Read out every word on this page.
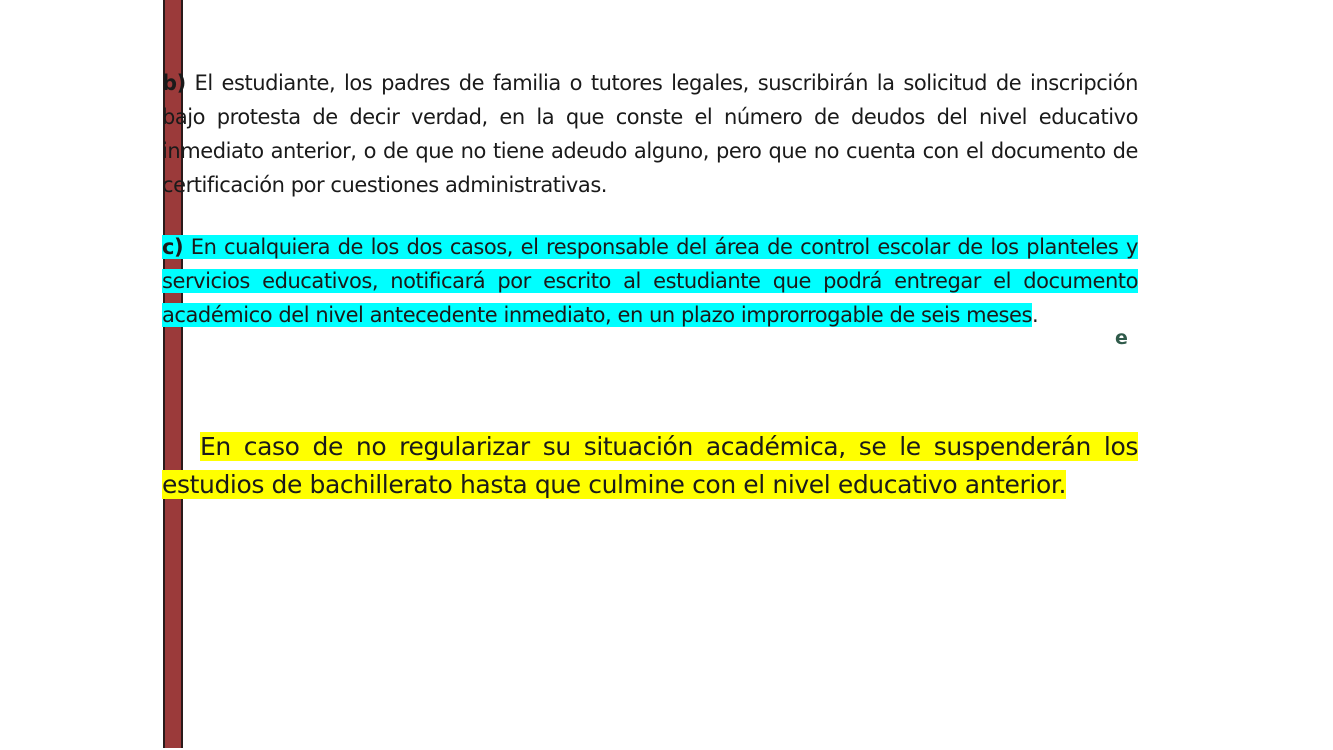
b) El estudiante, los padres de familia o tutores legales, suscribirán la solicitud de inscripción bajo protesta de decir verdad, en la que conste el número de deudos del nivel educativo inmediato anterior, o de que no tiene adeudo alguno, pero que no cuenta con el documento de certificación por cuestiones administrativas.

c) En cualquiera de los dos casos, el responsable del área de control escolar de los planteles y servicios educativos, notificará por escrito al estudiante que podrá entregar el documento académico del nivel antecedente inmediato, en un plazo improrrogable de seis meses.

e

En caso de no regularizar su situación académica, se le suspenderán los estudios de bachillerato hasta que culmine con el nivel educativo anterior.
